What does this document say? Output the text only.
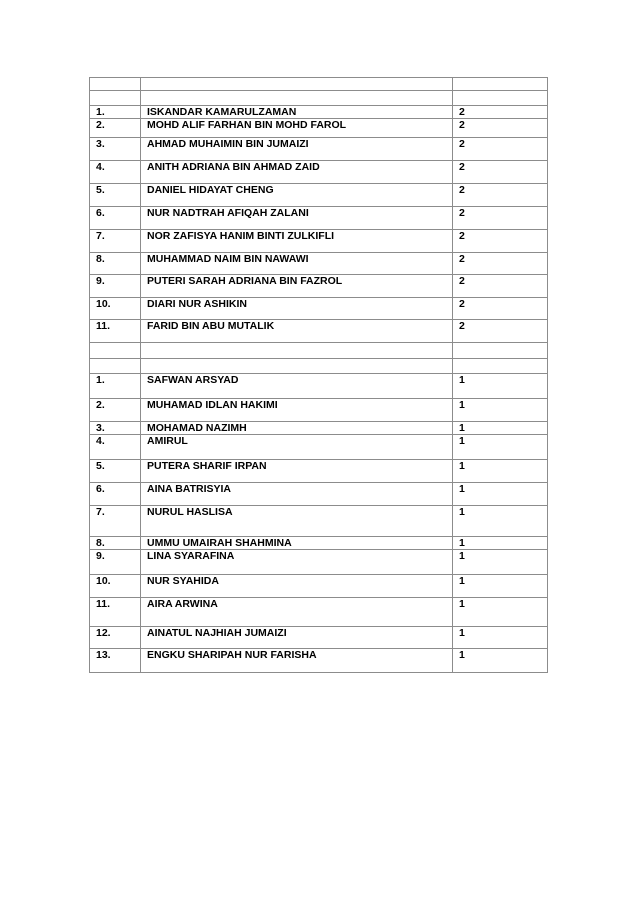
1.	ISKANDAR KAMARULZAMAN	2
2.	MOHD ALIF FARHAN BIN MOHD FAROL	2
3.	AHMAD MUHAIMIN BIN JUMAIZI	2
4.	ANITH ADRIANA BIN AHMAD ZAID	2
5.	DANIEL HIDAYAT CHENG	2
6.	NUR NADTRAH AFIQAH ZALANI	2
7.	NOR ZAFISYA HANIM BINTI ZULKIFLI	2
8.	MUHAMMAD NAIM BIN NAWAWI	2
9.	PUTERI SARAH ADRIANA BIN FAZROL	2
10.	DIARI NUR ASHIKIN	2
11.	FARID BIN ABU MUTALIK	2

1.	SAFWAN ARSYAD	1
2.	MUHAMAD IDLAN HAKIMI	1
3.	MOHAMAD NAZIMH	1
4.	AMIRUL	1
5.	PUTERA SHARIF IRPAN	1
6.	AINA BATRISYIA	1
7.	NURUL HASLISA	1
8.	UMMU UMAIRAH SHAHMINA	1
9.	LINA SYARAFINA	1
10.	NUR SYAHIDA	1
11.	AIRA ARWINA	1
12.	AINATUL NAJHIAH JUMAIZI	1
13.	ENGKU SHARIPAH NUR FARISHA	1
